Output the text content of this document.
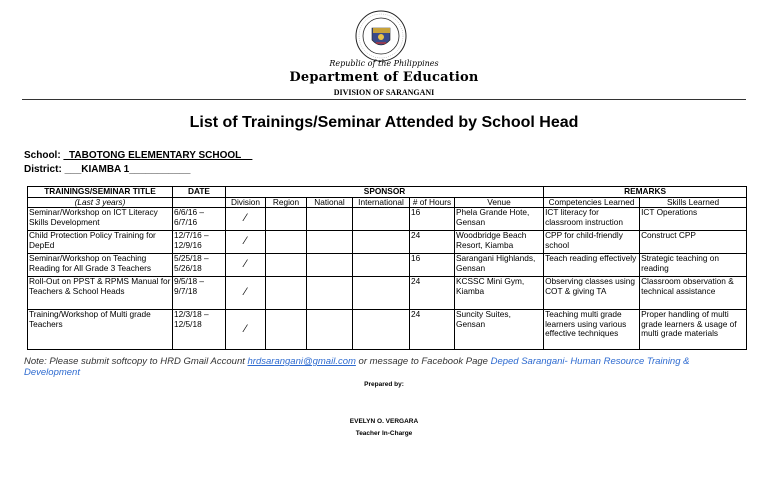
Republic of the Philippines
Department of Education
DIVISION OF SARANGANI
List of Trainings/Seminar Attended by School Head
School: _TABOTONG ELEMENTARY SCHOOL__
District: ___KIAMBA 1___________
TRAININGS/SEMINAR TITLE	DATE	SPONSOR						REMARKS	
(Last 3 years)		Division	Region	National	International	# of Hours	Venue	Competencies Learned	Skills Learned
Seminar/Workshop on ICT Literacy Skills Development	6/6/16 – 6/7/16	⁄				16	Phela Grande Hote, Gensan	ICT literacy for classroom instruction	ICT Operations
Child Protection Policy Training for DepEd	12/7/16 – 12/9/16	⁄				24	Woodbridge Beach Resort, Kiamba	CPP for child-friendly school	Construct CPP
Seminar/Workshop on Teaching Reading for All Grade 3 Teachers	5/25/18 – 5/26/18	⁄				16	Sarangani Highlands, Gensan	Teach reading effectively	Strategic teaching on reading
Roll-Out on PPST & RPMS Manual for Teachers & School Heads	9/5/18 – 9/7/18	⁄				24	KCSSC Mini Gym, Kiamba	Observing classes using COT & giving TA	Classroom observation & technical assistance
Training/Workshop of Multi grade Teachers	12/3/18 – 12/5/18	⁄				24	Suncity Suites, Gensan	Teaching multi grade learners using various effective techniques	Proper handling of multi grade learners & usage of multi grade materials
Note: Please submit softcopy to HRD Gmail Account hrdsarangani@gmail.com or message to Facebook Page Deped Sarangani- Human Resource Training & Development
Prepared by:
EVELYN O. VERGARA
Teacher In-Charge
